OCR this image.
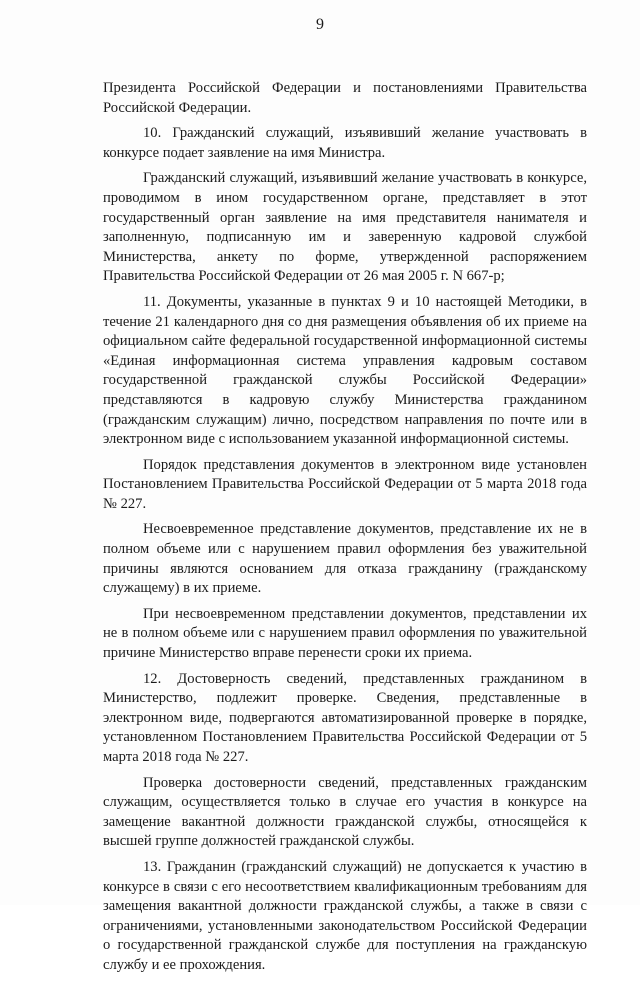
9

Президента Российской Федерации и постановлениями Правительства Российской Федерации.

10. Гражданский служащий, изъявивший желание участвовать в конкурсе подает заявление на имя Министра.

Гражданский служащий, изъявивший желание участвовать в конкурсе, проводимом в ином государственном органе, представляет в этот государственный орган заявление на имя представителя нанимателя и заполненную, подписанную им и заверенную кадровой службой Министерства, анкету по форме, утвержденной распоряжением Правительства Российской Федерации от 26 мая 2005 г. N 667-р;

11. Документы, указанные в пунктах 9 и 10 настоящей Методики, в течение 21 календарного дня со дня размещения объявления об их приеме на официальном сайте федеральной государственной информационной системы «Единая информационная система управления кадровым составом государственной гражданской службы Российской Федерации» представляются в кадровую службу Министерства гражданином (гражданским служащим) лично, посредством направления по почте или в электронном виде с использованием указанной информационной системы.

Порядок представления документов в электронном виде установлен Постановлением Правительства Российской Федерации от 5 марта 2018 года № 227.

Несвоевременное представление документов, представление их не в полном объеме или с нарушением правил оформления без уважительной причины являются основанием для отказа гражданину (гражданскому служащему) в их приеме.

При несвоевременном представлении документов, представлении их не в полном объеме или с нарушением правил оформления по уважительной причине Министерство вправе перенести сроки их приема.

12. Достоверность сведений, представленных гражданином в Министерство, подлежит проверке. Сведения, представленные в электронном виде, подвергаются автоматизированной проверке в порядке, установленном Постановлением Правительства Российской Федерации от 5 марта 2018 года № 227.

Проверка достоверности сведений, представленных гражданским служащим, осуществляется только в случае его участия в конкурсе на замещение вакантной должности гражданской службы, относящейся к высшей группе должностей гражданской службы.

13. Гражданин (гражданский служащий) не допускается к участию в конкурсе в связи с его несоответствием квалификационным требованиям для замещения вакантной должности гражданской службы, а также в связи с ограничениями, установленными законодательством Российской Федерации о государственной гражданской службе для поступления на гражданскую службу и ее прохождения.
